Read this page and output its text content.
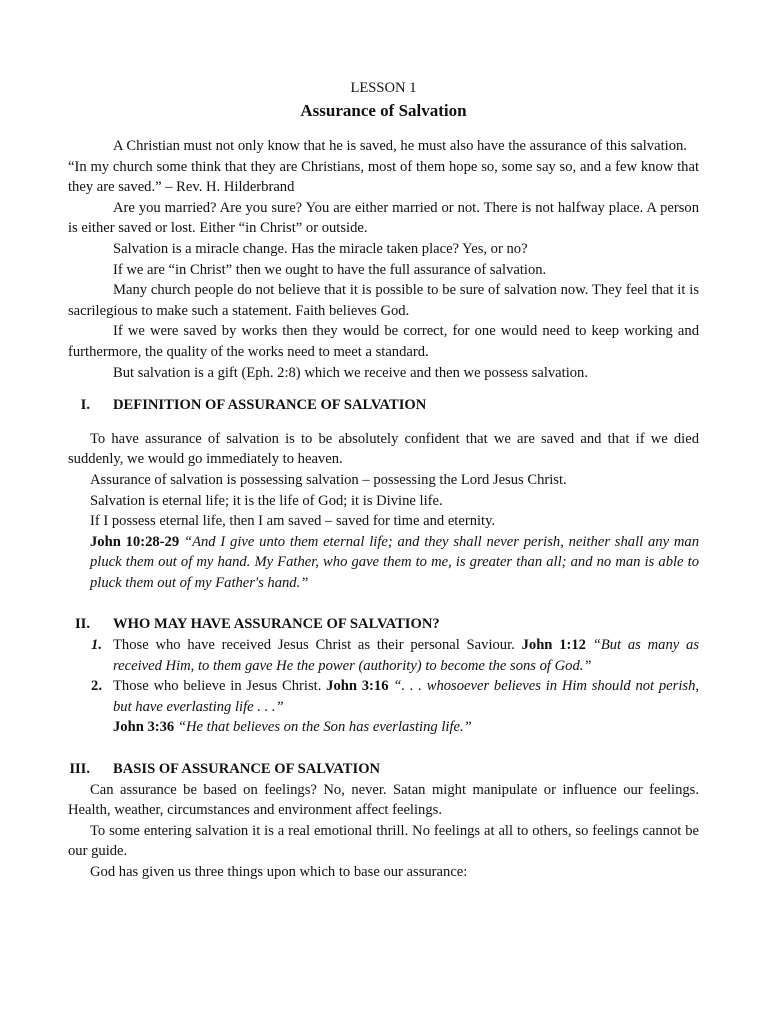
LESSON 1

Assurance of Salvation

A Christian must not only know that he is saved, he must also have the assurance of this salvation.

“In my church some think that they are Christians, most of them hope so, some say so, and a few know that they are saved.” – Rev. H. Hilderbrand

Are you married? Are you sure? You are either married or not. There is not halfway place. A person is either saved or lost. Either “in Christ” or outside.

Salvation is a miracle change. Has the miracle taken place? Yes, or no?

If we are “in Christ” then we ought to have the full assurance of salvation.

Many church people do not believe that it is possible to be sure of salvation now. They feel that it is sacrilegious to make such a statement. Faith believes God.

If we were saved by works then they would be correct, for one would need to keep working and furthermore, the quality of the works need to meet a standard.

But salvation is a gift (Eph. 2:8) which we receive and then we possess salvation.

I. DEFINITION OF ASSURANCE OF SALVATION

To have assurance of salvation is to be absolutely confident that we are saved and that if we died suddenly, we would go immediately to heaven.

Assurance of salvation is possessing salvation – possessing the Lord Jesus Christ.

Salvation is eternal life; it is the life of God; it is Divine life.

If I possess eternal life, then I am saved – saved for time and eternity.

John 10:28-29 “And I give unto them eternal life; and they shall never perish, neither shall any man pluck them out of my hand. My Father, who gave them to me, is greater than all; and no man is able to pluck them out of my Father's hand.”

II. WHO MAY HAVE ASSURANCE OF SALVATION?

1. Those who have received Jesus Christ as their personal Saviour. John 1:12 “But as many as received Him, to them gave He the power (authority) to become the sons of God.”

2. Those who believe in Jesus Christ. John 3:16 “. . . whosoever believes in Him should not perish, but have everlasting life . . .”

John 3:36 “He that believes on the Son has everlasting life.”

III. BASIS OF ASSURANCE OF SALVATION

Can assurance be based on feelings? No, never. Satan might manipulate or influence our feelings. Health, weather, circumstances and environment affect feelings.

To some entering salvation it is a real emotional thrill. No feelings at all to others, so feelings cannot be our guide.

God has given us three things upon which to base our assurance:
